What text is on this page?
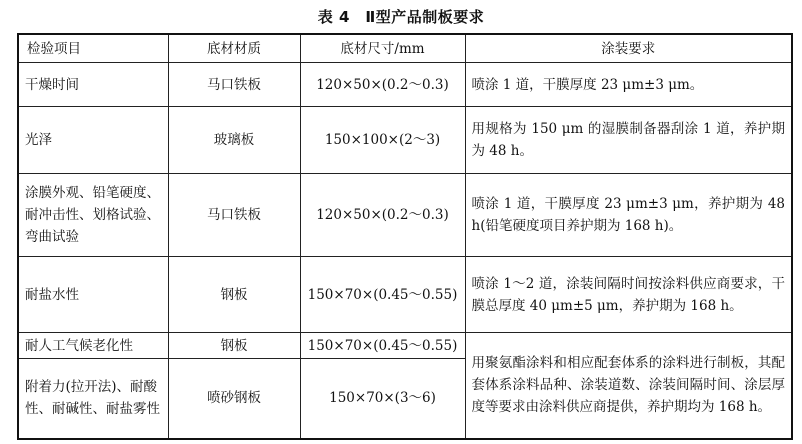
表 4　Ⅱ型产品制板要求
检验项目	底材材质	底材尺寸/mm	涂装要求
干燥时间	马口铁板	120×50×(0.2～0.3)	喷涂 1 道，干膜厚度 23 μm±3 μm。
光泽	玻璃板	150×100×(2～3)	用规格为 150 μm 的湿膜制备器刮涂 1 道，养护期为 48 h。
涂膜外观、铅笔硬度、耐冲击性、划格试验、弯曲试验	马口铁板	120×50×(0.2～0.3)	喷涂 1 道，干膜厚度 23 μm±3 μm，养护期为 48 h(铅笔硬度项目养护期为 168 h)。
耐盐水性	钢板	150×70×(0.45～0.55)	喷涂 1～2 道，涂装间隔时间按涂料供应商要求，干膜总厚度 40 μm±5 μm，养护期为 168 h。
耐人工气候老化性	钢板	150×70×(0.45～0.55)	用聚氨酯涂料和相应配套体系的涂料进行制板，其配套体系涂料品种、涂装道数、涂装间隔时间、涂层厚度等要求由涂料供应商提供，养护期均为 168 h。
附着力(拉开法)、耐酸性、耐碱性、耐盐雾性	喷砂钢板	150×70×(3～6)	
